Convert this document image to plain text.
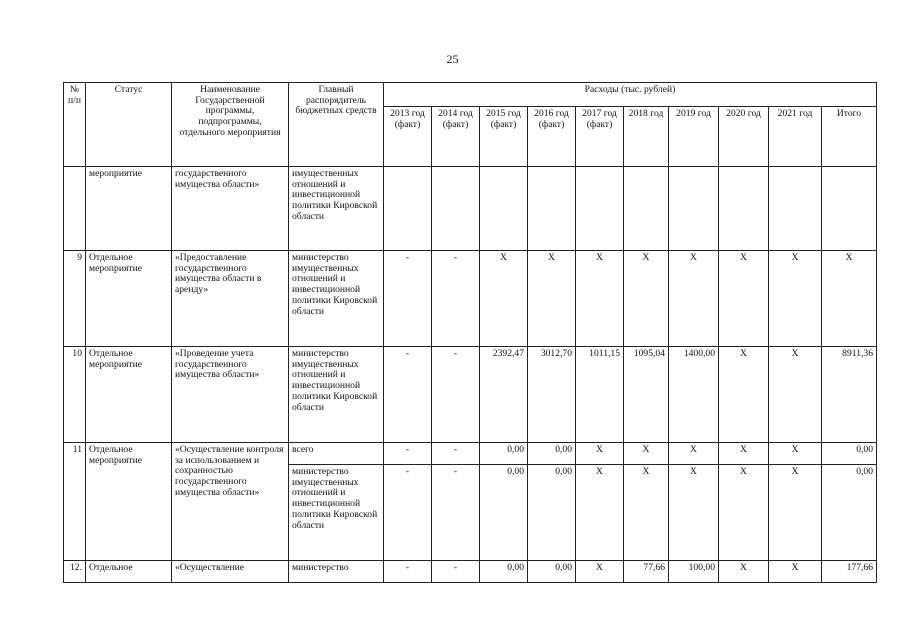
25
№ п/п	Статус	Наименование Государственной программы, подпрограммы, отдельного мероприятия	Главный распорядитель бюджетных средств	Расходы (тыс. рублей)									
				2013 год (факт)	2014 год (факт)	2015 год (факт)	2016 год (факт)	2017 год (факт)	2018 год	2019 год	2020 год	2021 год	Итого
	мероприятие	государственного имущества области»	имущественных отношений и инвестиционной политики Кировской области										
9	Отдельное мероприятие	«Предоставление государственного имущества области в аренду»	министерство имущественных отношений и инвестиционной политики Кировской области	-	-	X	X	X	X	X	X	X	X
10	Отдельное мероприятие	«Проведение учета государственного имущества области»	министерство имущественных отношений и инвестиционной политики Кировской области	-	-	2392,47	3012,70	1011,15	1095,04	1400,00	X	X	8911,36
11	Отдельное мероприятие	«Осуществление контроля за использованием и сохранностью государственного имущества области»	всего	-	-	0,00	0,00	X	X	X	X	X	0,00
			министерство имущественных отношений и инвестиционной политики Кировской области	-	-	0,00	0,00	X	X	X	X	X	0,00
12.	Отдельное	«Осуществление	министерство	-	-	0,00	0,00	X	77,66	100,00	X	X	177,66
